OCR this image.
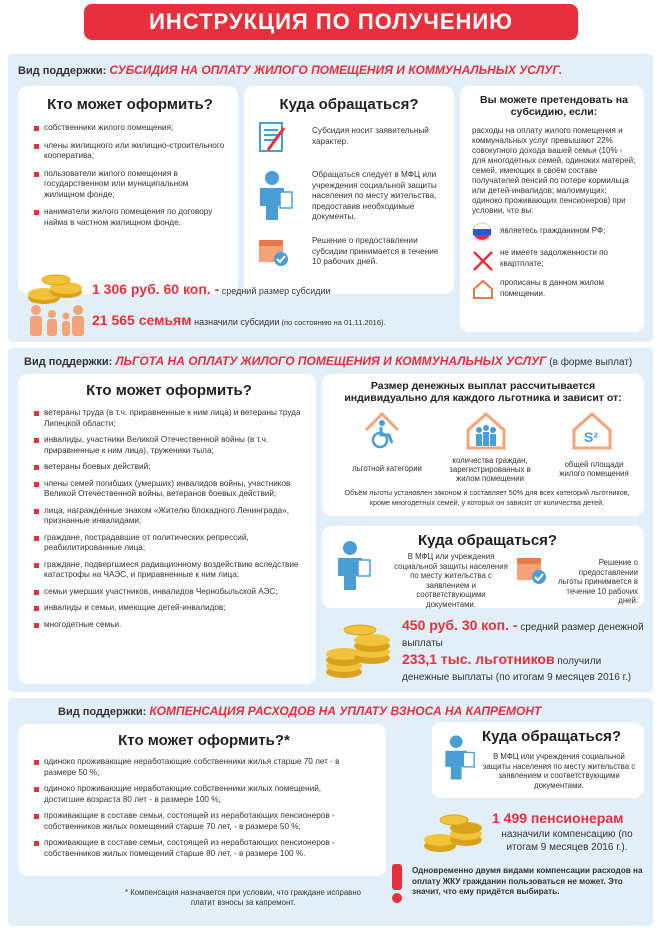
ИНСТРУКЦИЯ ПО ПОЛУЧЕНИЮ
Вид поддержки: СУБСИДИЯ НА ОПЛАТУ ЖИЛОГО ПОМЕЩЕНИЯ И КОММУНАЛЬНЫХ УСЛУГ.
Кто может оформить?
собственники жилого помещения;
члены жилищного или жилищно-строительного кооператива;
пользователи жилого помещения в государственном или муниципальном жилищном фонде;
наниматели жилого помещения по договору найма в частном жилищном фонде.
Куда обращаться?
Субсидия носит заявительный характер.
Обращаться следует в МФЦ или учреждения социальной защиты населения по месту жительства, предоставив необходимые документы.
Решение о предоставлении субсидии принимается в течение 10 рабочих дней.
Вы можете претендовать на субсидию, если:
расходы на оплату жилого помещения и коммунальных услуг превышают 22% совокупного дохода вашей семьи (10% - для многодетных семей, одиноких матерей; семей, имеющих в своём составе получателей пенсий по потере кормильца или детей-инвалидов; малоимущих; одиноко проживающих пенсионеров) при условии, что вы:
являетесь гражданином РФ;
не имеете задолженности по квартплате;
прописаны в данном жилом помещении.
1 306 руб. 60 коп. - средний размер субсидии
21 565 семьям назначили субсидии (по состоянию на 01.11.2016).
Вид поддержки: ЛЬГОТА НА ОПЛАТУ ЖИЛОГО ПОМЕЩЕНИЯ И КОММУНАЛЬНЫХ УСЛУГ (в форме выплат)
Кто может оформить?
ветераны труда (в т.ч. приравненные к ним лица) и ветераны труда Липецкой области;
инвалиды, участники Великой Отечественной войны (в т.ч. приравненные к ним лица), труженики тыла;
ветераны боевых действий;
члены семей погибших (умерших) инвалидов войны, участников Великой Отечественной войны, ветеранов боевых действий;
лица, награждённые знаком «Жителю блокадного Ленинграда», признанные инвалидами;
граждане, пострадавшие от политических репрессий, реабилитированные лица;
граждане, подвергшиеся радиационному воздействию вследствие катастрофы на ЧАЭС, и приравненные к ним лица;
семьи умерших участников, инвалидов Чернобыльской АЭС;
инвалиды и семьи, имеющие детей-инвалидов;
многодетные семьи.
Размер денежных выплат рассчитывается индивидуально для каждого льготника и зависит от:
S²
льготной категории
количества граждан, зарегистрированных в жилом помещении
общей площади жилого помещения
Объём льготы установлен законом и составляет 50% для всех категорий льготников, кроме многодетных семей, у которых он зависит от количества детей.
Куда обращаться?
В МФЦ или учреждения социальной защиты населения по месту жительства с заявлением и соответствующими документами.
Решение о предоставлении льготы принимается в течение 10 рабочих дней.
450 руб. 30 коп. - средний размер денежной выплаты
233,1 тыс. льготников получили денежные выплаты (по итогам 9 месяцев 2016 г.)
Вид поддержки: КОМПЕНСАЦИЯ РАСХОДОВ НА УПЛАТУ ВЗНОСА НА КАПРЕМОНТ
Кто может оформить?*
одиноко проживающие неработающие собственники жилья старше 70 лет - в размере 50 %;
одиноко проживающие неработающие собственники жилых помещений, достигшие возраста 80 лет - в размере 100 %;
проживающие в составе семьи, состоящей из неработающих пенсионеров - собственников жилых помещений старше 70 лет, - в размере 50 %;
проживающие в составе семьи, состоящей из неработающих пенсионеров - собственников жилых помещений старше 80 лет, - в размере 100 %.
* Компенсация назначается при условии, что граждане исправно платит взносы за капремонт.
Куда обращаться?
В МФЦ или учреждения социальной защиты населения по месту жительства с заявлением и соответствующими документами.
1 499 пенсионерам
назначили компенсацию (по итогам 9 месяцев 2016 г.).
Одновременно двумя видами компенсации расходов на оплату ЖКУ гражданин пользоваться не может. Это значит, что ему придётся выбирать.
